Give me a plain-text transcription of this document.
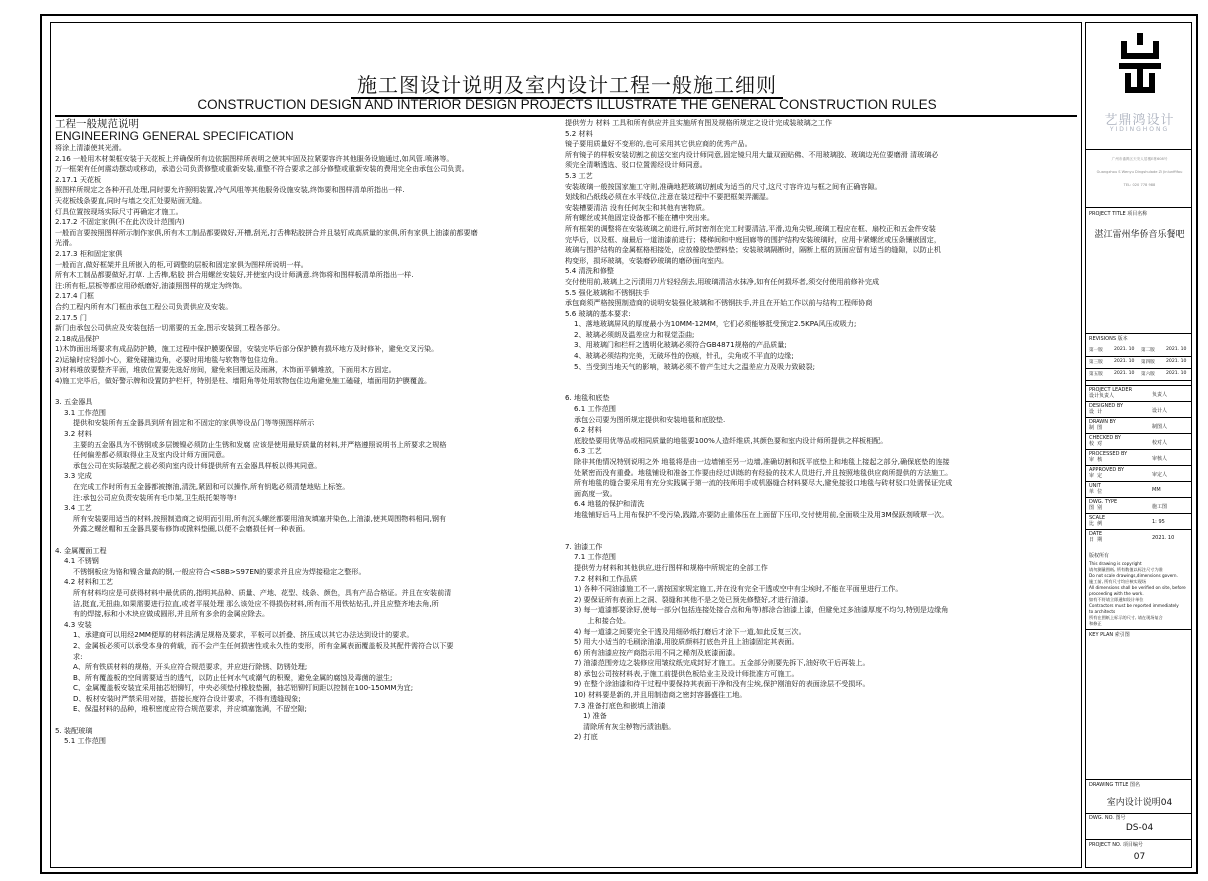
施工图设计说明及室内设计工程一般施工细则
CONSTRUCTION DESIGN AND INTERIOR DESIGN PROJECTS ILLUSTRATE THE GENERAL CONSTRUCTION RULES
工程一般规范说明
ENGINEERING GENERAL SPECIFICATION
将涂上清漆使其光滑。
2.16 一般用木材架框安装于天花板上并确保所有边依据图样所表明之使其牢固及拉紧要容许其他服务设施通过,如风管.喷淋等。
万一框架有任何震动摆动或移动，承造公司负责修整或重新安装,重整不符合要求之部分修整或重新安装的费用完全由承包公司负责。
2.17.1 天花板
照图样所规定之各种开孔处理,同时要允许照明装置,冷气风咀等其他服务设施安装,终饰要和图样清单所指出一样.
天花板线条要直,同时与墙之交汇处要贴面无缝。
灯具位置按现场实际尺寸再确定才施工。
2.17.2 不固定家俱(不在此次设计范围内)
一般而言要按照图样所示制作家俱,所有木工制品都要做好,开槽,刮光,打舌榫粘胶拼合并且装钉成高质量的家俱,所有家俱上油漆前都要磨
光滑。
2.17.3 柜和固定家俱
一般而言,做好框架并且所嵌入的柜,可调整的层板和固定家俱为图样所说明一样。
所有木工制品都要做好,打草. 上舌榫,粘胶 拼合用螺丝安装好,并使室内设计师满意.终饰将和图样板清单所指出一样.
注:所有柜,层板等都应用砂纸磨好,油漆照图样的规定为终饰。
2.17.4 门框
合约工程内所有木门框由承包工程公司负责供应及安装。
2.17.5 门
新门由承包公司供应及安装包括一切需要的五金,图示安装到工程各部分。
2.18成品保护
1)木饰面出场要求有成品防护膜，施工过程中保护膜要保留，安装完毕后部分保护膜有损坏地方及时修补，避免交叉污染。
2)运输时应轻卸小心，避免碰撞边角，必要时用地毯与软物等包住边角。
3)材料堆放要整齐平面，堆放位置要先选好房间，避免来回搬运及雨淋，木饰面平躺堆放，下面用木方固定。
4)施工完毕后，做好警示牌和设置防护栏杆，特别是柱、墙阳角等处用软物包住边角避免施工磕碰，墙面用防护膜覆盖。
3. 五金器具
3.1 工作范围
提供和安装所有五金器具到所有固定和不固定的家俱等设品门等等照图样所示
3.2 材料
主要的五金器具为不锈钢或多层镀镍必须防止生锈和发腐 应该是使用最好质量的材料,并严格遵照说明书上所要求之规格
任何偏差都必须取得业主及室内设计师方面同意。
承包公司在实际装配之前必须向室内设计师提供所有五金器具样板以得其同意。
3.3 完成
在完成工作时所有五金器都被擦油,清洗,紧固和可以操作,所有钥匙必须清楚地贴上标签。
注:承包公司应负责安装所有毛巾架,卫生纸托架等等!
3.4 工艺
所有安装要用适当的材料,按照制造商之说明而引用,所有沉头螺丝都要用油灰填塞并染色,上油漆,使其周围物料相同,钢有
外露之螺丝帽和五金器具要布修饰或掀料垫圈,以便不会磨损任何一种表面。
4. 金属覆面工程
4.1 不锈钢
不锈钢板应为铬和镍含量高的钢,一般应符合<S8B>S97EN的要求并且应为焊接稳定之整形。
4.2 材料和工艺
所有材料均应是可获得材料中最优质的,指明其品种、质量、产地、花型、线条、颜色，具有产品合格证。并且在安装前清
洁,挺直,无扭曲,如果需要进行拉直,或者平展处理 那么该处应不得损伤材料,所有而不用铁钻钻孔,并且应整齐地去角,所
有的焊接,标和小木块应做成圆形,并且所有多余的金属应除去。
4.3 安装
1、承建商可以用经2MM便厚的材料法满足规格及要求，平板可以折叠、挤压成以其它办法达到设计的要求。
2、金属板必须可以承受本身的荷载，而不会产生任何损害性或永久性的变形，所有金属表面覆盖板及其配件需符合以下要
求:
A、所有铁质材料的规格，开头应符合规范要求，并应进行除锈、防锈处理;
B、所有覆盖板的空间需要适当的透气，以防止任何水气或潮气的积聚，避免金属的腐蚀及毒菌的滋生;
C、金属覆盖板安装宜采用抽芯铝铆钉，中央必须垫付橡胶垫圈，抽芯铝铆钉间距以控制在100-150MM为宜;
D、板材安装时严禁采用对接，搭接长度符合设计要求，不得有透缝现象;
E、保温材料的品种，堆积密度应符合规范要求，并应填塞饱满，不留空隙;
5. 装配玻璃
5.1 工作范围
提供劳力 材料 工具和所有供应并且实施所有图及规格所规定之设计完成装玻璃之工作
5.2 材料
镜子要用质量好不变形的,也可采用其它供应商的优秀产品。
所有镜子的样板安装切割之前送交室内设计师同意,固定镜只用大量双面贴佛、不用玻璃胶、玻璃边光位要磨滑 清玻璃必
须完全清晰透选、驳口位置需经设计师同意。
5.3 工艺
安装玻璃一般按国家施工守则,准确地把玻璃切割成为适当的尺寸,这尺寸容许边与框之间有正确容隙。
划线和凸纸线必须在水平线位,注意在装过程中不要把框架弄潮湿。
安装槽要清洁 没有任何灰尘和其他有害物质。
所有螺丝或其他固定设备都不能在槽中突出来。
所有框架的调整将在安装玻璃之前进行,所封密剂在完工时要清洁,平滑,边角尖锐,玻璃工程应在框、扇校正和五金件安装
完毕后，以及框、扇最后一道油漆前进行；楼梯间和中庭回廊等的围护结构安装玻璃时，应用卡紧螺丝或压条镶嵌固定，
玻璃与围护结构的金属框格相接处，应放橡胶垫塑料垫；安装玻璃隔断时，隔断上框的顶面应留有适当的缝隙，以防止机
构变形，损坏玻璃，安装磨砂玻璃的磨砂面向室内。
5.4 清洗和修整
交付使用前,玻璃上之污渍用刀片轻轻刮去,用玻璃清洁水抹净,如有任何损坏者,须交付使用前修补完成
5.5 强化玻璃和不锈钢扶手
承包商须严格按照制造商的说明安装强化玻璃和不锈钢扶手,并且在开始工作以前与结构工程师协商
5.6 玻璃的基本要求:
1、落地玻璃屏风的厚度最小为10MM-12MM，它们必须能够抵受预定2.5KPA风压或吸力;
2、玻璃必须朗及温差应力和视觉歪曲;
3、用玻璃门和栏杆之透明化玻璃必须符合GB4871规格的产品质量;
4、玻璃必须结构完美，无破坏性的伤痕，针孔，尖角或不平直的边缘;
5、当受到当地天气的影响，玻璃必须不曾产生过大之温差应力及吸力致破裂;
6. 地毯和底垫
6.1 工作范围
承包公司要为图所规定提供和安装地毯和底胶垫.
6.2 材料
底胶垫要用优等品或相同质量的地毯要100%人造纤维质,其颜色要和室内设计师所提供之样板相配。
6.3 工艺
除非其他情况特别说明之外 地毯将是由一边墙铺至另一边墙,准确切割和抚平底垫上和地毯上接起之部分,确保底垫的连接
处紧密而没有重叠。地毯铺设和准备工作要由经过训练的有经验的技术人员进行,并且按照地毯供应商所提供的方法施工。
所有地毯的缝合要采用有充分实践属于第一流的技师用手或机器缝合材料要尽大,避免接驳口地毯与砖材驳口处需保证完成
面高度一致。
6.4 地毯的保护和清洗
地毯铺好后马上用布保护不受污染,践踏,亦要防止重体压在上面留下压印,交付使用前,全面吸尘及用3M保跃剂喷覃一次。
7. 油漆工作
7.1 工作范围
提供劳力材料和其他供应,进行图样和规格中所规定的全部工作
7.2 材料和工作品质
1) 各种不同油漆施工不一,需按国家规定施工,并在没有完全干透或空中有尘埃时,不能在平面里进行工作。
2) 要保证所有表面上之洞、裂缝和其他不是之处已预先修整好,才进行油漆。
3) 每一道漆都要涂好,使每一部分(包括连接处接合点和角等)都涂合油漆上漆，但避免过多油漆厚度不均匀,特别是边缘角
上和接合处。
4) 每一道漆之间要完全干透及用细砂纸打磨后才涂下一道,如此反复三次。
5) 用大小适当的毛刷涂油漆,用胶质颜料打底色并且上油漆固定其表面。
6) 所有油漆应按产商指示用不同之稀剂及底漆面漆。
7) 油漆范围旁边之装修应用皱纹纸完成封好才施工。五金部分则要先拆下,油好吹干后再装上。
8) 承包公司按材料表,于施工前提供色板给业主及设计师批准方可施工。
9) 在整个涂油漆和待干过程中要保持其表面干净和没有尘埃,保护刚油好的表面涂层不受损坏。
10) 材料要是新的,并且用制造商之密封容器盛往工地。
7.3 准备打底色和嵌填上油漆
1) 准备
清除所有灰尘秽物污渍油脂。
2) 打底
艺鼎鸿设计
YIDINGHONG
广州市番禺区天安人居楼E栋608号
Guangzhou S Wenyu Dingshulade Zi Jinlunffifou
TEL: 020 778 988
PROJECT TITLE 项目名称
湛江雷州华侨音乐餐吧
REVISIONS 版本
第一版 2021. 10 第二版 2021. 10
第三版 2021. 10 第四版 2021. 10
第五版 2021. 10 第六版 2021. 10
PROJECT LEADER
设计负责人	负责人
DESIGNED BY
设  计	设计人
DRAWN BY
制  图	制图人
CHECKED BY
校  对	校对人
PROCESSED BY
审  核	审核人
APPROVED BY
审  定	审定人
UNIT
单  位	MM
DWG. TYPE
图  别	施工图
SCALE
比  例	1: 95
DATE
日  期	2021. 10
版权所有
This drawing is copyright
请勿测量图纸, 所有数值以标注尺寸为准
Do not scale drawings,dimensions govern.
施工前, 所有尺寸均应核实现场
All dimensions shall be verified on site, before
proceeding with the work.
如有不符请立即通知设计单位
Contractors must be reported immediately
to architects
所有在图纸上标示的尺寸, 请在现场复合
和修正
KEY PLAN 索引图
DRAWING TITLE 图名
室内设计说明04
DWG. NO. 图号
DS-04
PROJECT NO. 项目编号
07
